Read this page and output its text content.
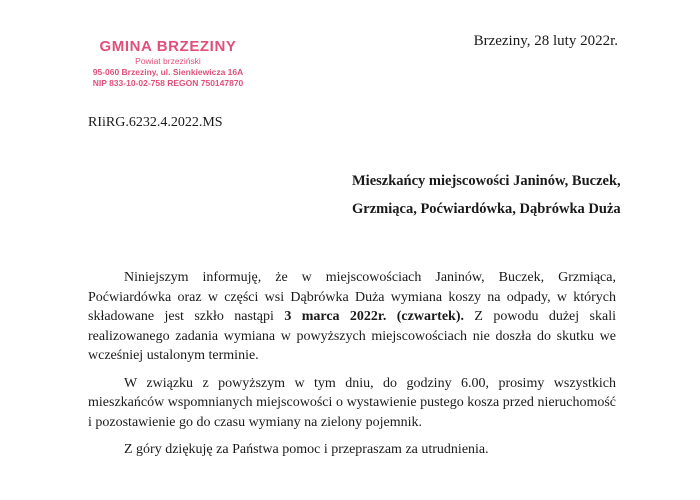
GMINA BRZEZINY
Powiat brzeziński
95-060 Brzeziny, ul. Sienkiewicza 16A
NIP 833-10-02-758 REGON 750147870
Brzeziny, 28 luty 2022r.
RIiRG.6232.4.2022.MS
Mieszkańcy miejscowości Janinów, Buczek,
Grzmiąca, Poćwiardówka, Dąbrówka Duża

Niniejszym informuję, że w miejscowościach Janinów, Buczek, Grzmiąca, Poćwiardówka oraz w części wsi Dąbrówka Duża wymiana koszy na odpady, w których składowane jest szkło nastąpi 3 marca 2022r. (czwartek). Z powodu dużej skali realizowanego zadania wymiana w powyższych miejscowościach nie doszła do skutku we wcześniej ustalonym terminie.

W związku z powyższym w tym dniu, do godziny 6.00, prosimy wszystkich mieszkańców wspomnianych miejscowości o wystawienie pustego kosza przed nieruchomość i pozostawienie go do czasu wymiany na zielony pojemnik.

Z góry dziękuję za Państwa pomoc i przepraszam za utrudnienia.
